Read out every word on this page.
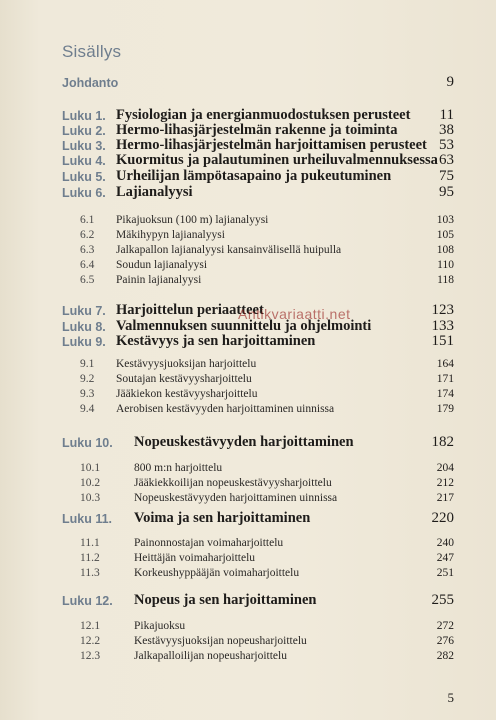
Sisällys
Johdanto	9
Luku 1. Fysiologian ja energianmuodostuksen perusteet 11
Luku 2. Hermo-lihasjärjestelmän rakenne ja toiminta	38
Luku 3. Hermo-lihasjärjestelmän harjoittamisen perusteet 53
Luku 4. Kuormitus ja palautuminen urheiluvalmennuksessa 63
Luku 5. Urheilijan lämpötasapaino ja pukeutuminen	75
Luku 6. Lajianalyysi	95
6.1	Pikajuoksun (100 m) lajianalyysi	103
6.2	Mäkihypyn lajianalyysi	105
6.3	Jalkapallon lajianalyysi kansainvälisellä huipulla	108
6.4	Soudun lajianalyysi	110
6.5	Painin lajianalyysi	118
Luku 7. Harjoittelun periaatteet	123
Antikvariaatti.net
Luku 8. Valmennuksen suunnittelu ja ohjelmointi	133
Luku 9. Kestävyys ja sen harjoittaminen	151
9.1	Kestävyysjuoksijan harjoittelu	164
9.2	Soutajan kestävyysharjoittelu	171
9.3	Jääkiekon kestävyysharjoittelu	174
9.4	Aerobisen kestävyyden harjoittaminen uinnissa	179
Luku 10. Nopeuskestävyyden harjoittaminen	182
10.1	800 m:n harjoittelu	204
10.2	Jääkiekkoilijan nopeuskestävyysharjoittelu	212
10.3	Nopeuskestävyyden harjoittaminen uinnissa	217
Luku 11. Voima ja sen harjoittaminen	220
11.1	Painonnostajan voimaharjoittelu	240
11.2	Heittäjän voimaharjoittelu	247
11.3	Korkeushyppääjän voimaharjoittelu	251
Luku 12. Nopeus ja sen harjoittaminen	255
12.1	Pikajuoksu	272
12.2	Kestävyysjuoksijan nopeusharjoittelu	276
12.3	Jalkapalloilijan nopeusharjoittelu	282
5
